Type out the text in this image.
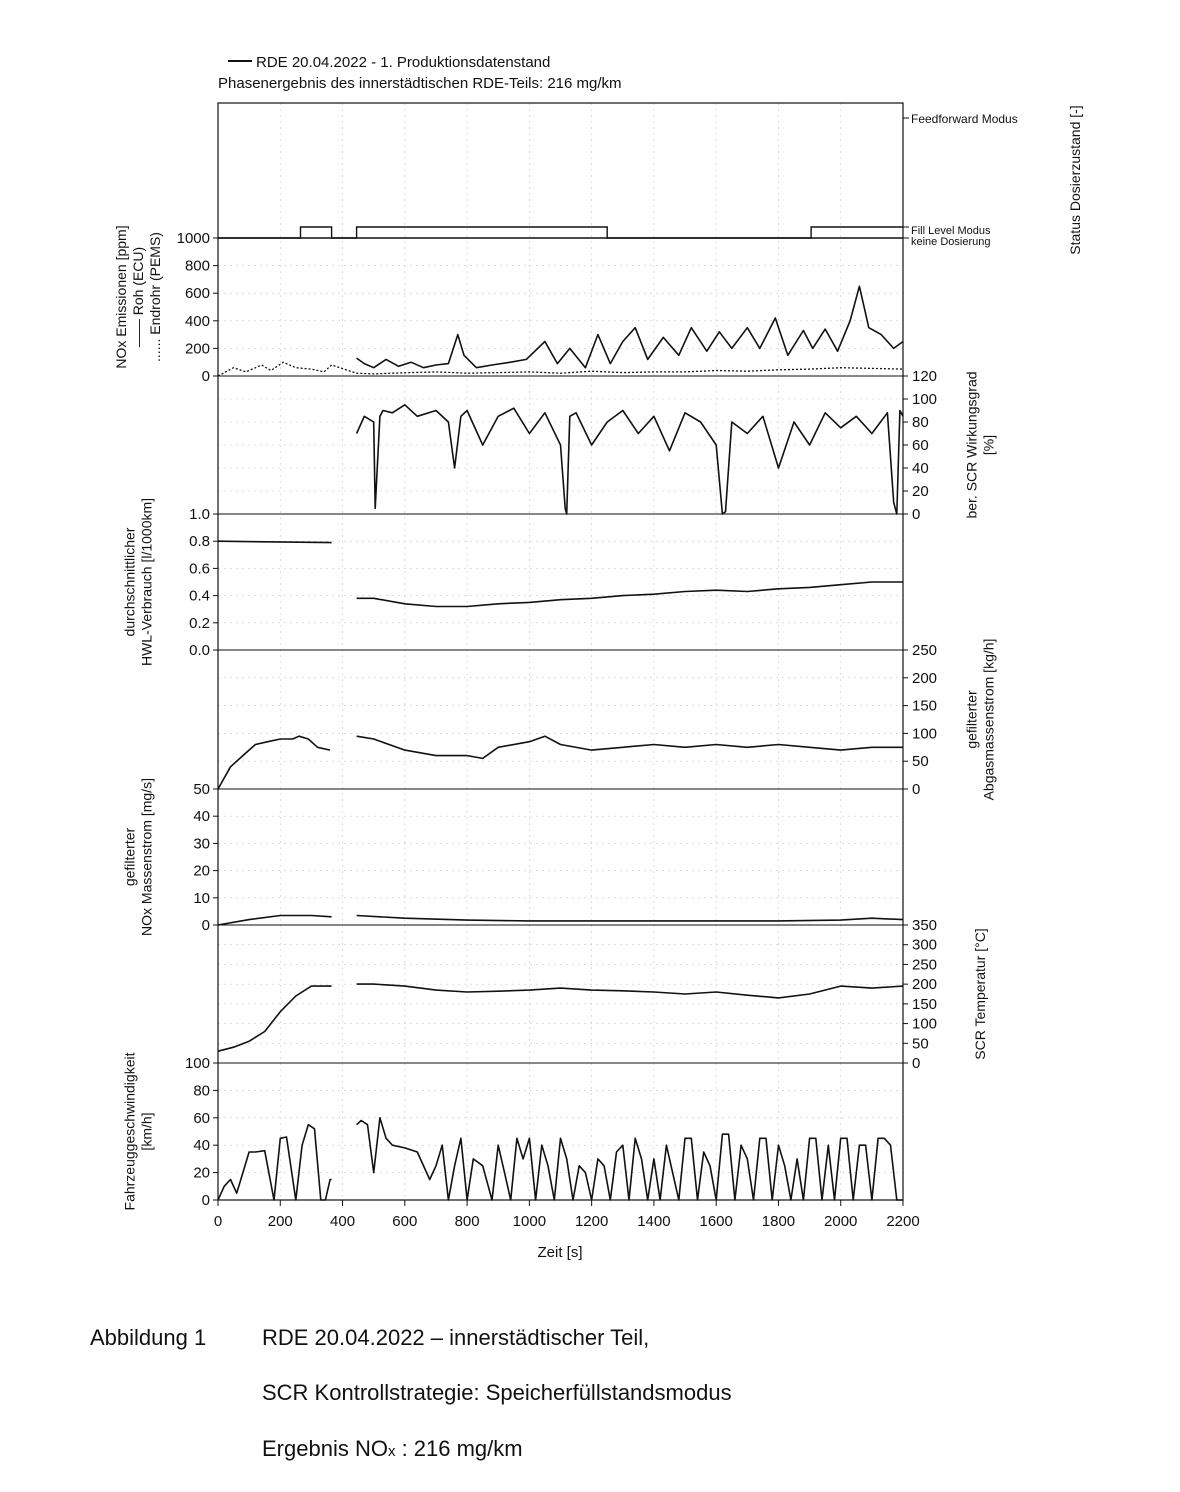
0	200 400 600 800 1000 1200 1400 1600 1800 2000 2200
1000
800
600
400
200
0
NOx Emissionen [ppm] —— Roh (ECU) ...... Endrohr (PEMS)
120
100
80
60
40
20
0	ber. SCR Wirkungsgrad [%]
1.0
0.8
0.6
0.4
0.2
0.0
durchschnittlicher HWL-Verbrauch [l/1000km]	250
200
150
100
50
0
gefilterter Abgasmassenstrom [kg/h]
50
40
30
20
10
0
gefilterter NOx Massenstrom [mg/s]	350
300
250
200
150
100
50
0
SCR Temperatur [°C]
100
80
60
40
20
0
Fahrzeuggeschwindigkeit [km/h]
RDE 20.04.2022 - 1. Produktionsdatenstand
Phasenergebnis des innerstädtischen RDE-Teils: 216 mg/km
Feedforward Modus
Fill Level Modus
keine Dosierung	Status Dosierzustand [-]
Zeit [s]
Abbildung 1	RDE 20.04.2022 – innerstädtischer Teil,
SCR Kontrollstrategie: Speicherfüllstandsmodus
Ergebnis NOx : 216 mg/km
